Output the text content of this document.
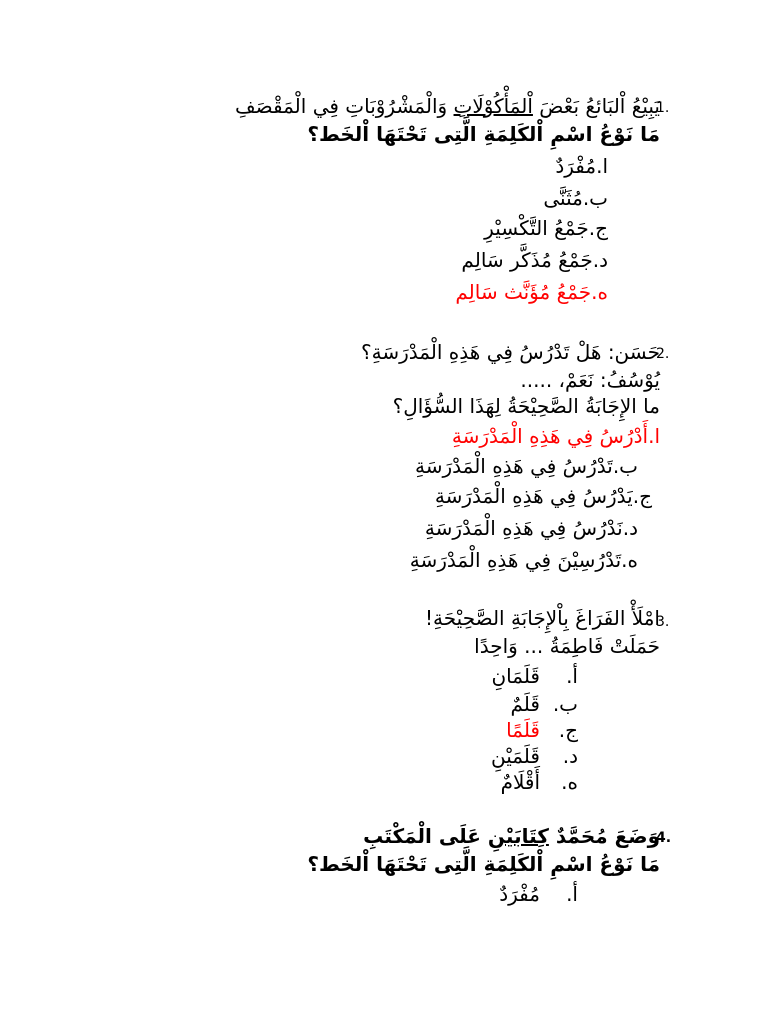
1.
يَبِيْعُ اْلبَائعُ بَعْضَ اْلمَأْكُوْلَاتِ وَالْمَشْرُوْبَاتِ فِي الْمَقْصَفِ
مَا نَوْعُ اسْمِ اْلكَلِمَةِ الَّتِى تَحْتَهَا اْلخَط؟
ا.مُفْرَدٌ
ب.مُثَنَّى
ج.جَمْعُ التَّكْسِيْرِ
د.جَمْعُ مُذَكَّر سَالِم
ه.جَمْعُ مُؤَنَّث سَالِم
2.
حَسَن: هَلْ تَدْرُسُ فِي هَذِهِ الْمَدْرَسَةِ؟
يُوْسُفُ: نَعَمْ، .....
ما الإِجَابَةُ الصَّحِيْحَةُ لِهَذَا السُّؤَالِ؟
ا.أَدْرُسُ فِي هَذِهِ الْمَدْرَسَةِ
ب.تَدْرُسُ فِي هَذِهِ الْمَدْرَسَةِ
ج.يَدْرُسُ فِي هَذِهِ الْمَدْرَسَةِ
د.نَدْرُسُ فِي هَذِهِ الْمَدْرَسَةِ
ه.تَدْرُسِيْنَ فِي هَذِهِ الْمَدْرَسَةِ
3.
امْلَأْ الفَرَاغَ بِاْلإِجَابَةِ الصَّحِيْحَةِ!
حَمَلَتْ فَاطِمَةُ ... وَاحِدًا
أ.قَلَمَانِ
ب.قَلَمٌ
ج.قَلَمًا
د.قَلَمَيْنِ
ه.أَقْلَامٌ
4.
وَضَعَ مُحَمَّدٌ كِتَابَيْنِ عَلَى الْمَكْتَبِ
مَا نَوْعُ اسْمِ اْلكَلِمَةِ الَّتِى تَحْتَهَا اْلخَط؟
أ.مُفْرَدٌ
